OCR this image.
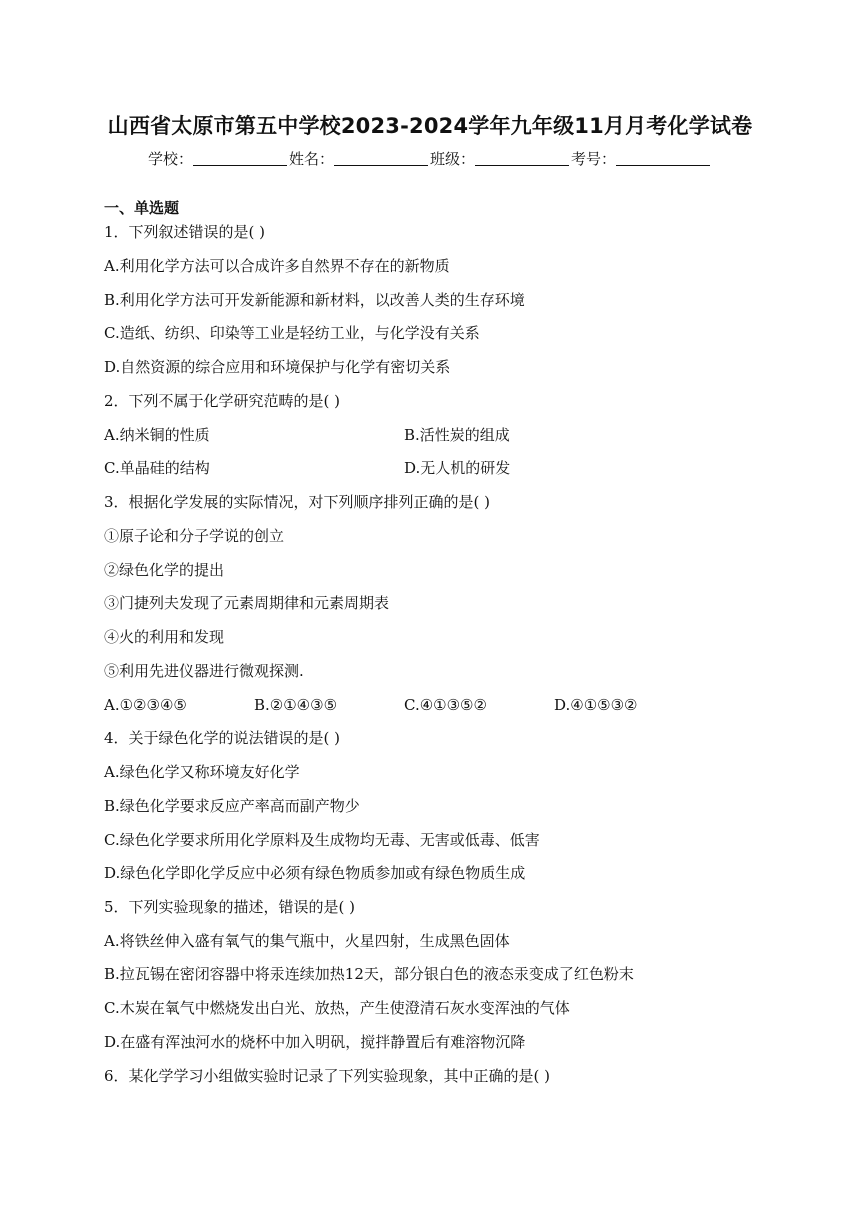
山西省太原市第五中学校2023-2024学年九年级11月月考化学试卷
学校：	姓名：	班级：	考号：
一、单选题
1．下列叙述错误的是( )
A.利用化学方法可以合成许多自然界不存在的新物质
B.利用化学方法可开发新能源和新材料，以改善人类的生存环境
C.造纸、纺织、印染等工业是轻纺工业，与化学没有关系
D.自然资源的综合应用和环境保护与化学有密切关系
2．下列不属于化学研究范畴的是( )
A.纳米铜的性质	B.活性炭的组成
C.单晶硅的结构	D.无人机的研发
3．根据化学发展的实际情况，对下列顺序排列正确的是( )
①原子论和分子学说的创立
②绿色化学的提出
③门捷列夫发现了元素周期律和元素周期表
④火的利用和发现
⑤利用先进仪器进行微观探测.
A.①②③④⑤	B.②①④③⑤	C.④①③⑤②	D.④①⑤③②
4．关于绿色化学的说法错误的是( )
A.绿色化学又称环境友好化学
B.绿色化学要求反应产率高而副产物少
C.绿色化学要求所用化学原料及生成物均无毒、无害或低毒、低害
D.绿色化学即化学反应中必须有绿色物质参加或有绿色物质生成
5．下列实验现象的描述，错误的是( )
A.将铁丝伸入盛有氧气的集气瓶中，火星四射，生成黑色固体
B.拉瓦锡在密闭容器中将汞连续加热12天，部分银白色的液态汞变成了红色粉末
C.木炭在氧气中燃烧发出白光、放热，产生使澄清石灰水变浑浊的气体
D.在盛有浑浊河水的烧杯中加入明矾，搅拌静置后有难溶物沉降
6．某化学学习小组做实验时记录了下列实验现象，其中正确的是( )
